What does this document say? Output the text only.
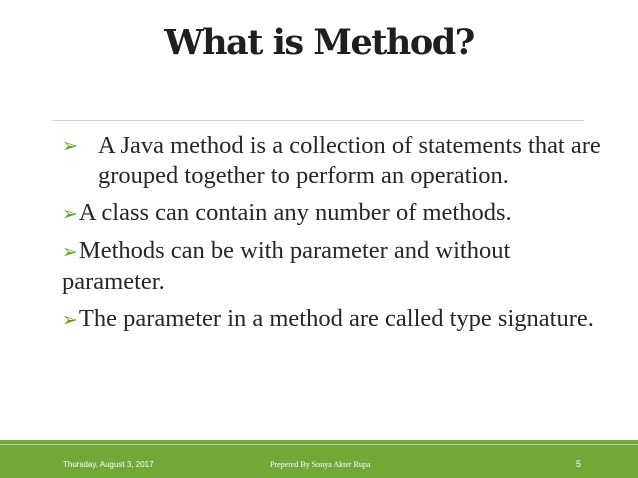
What is Method?
➢ A Java method is a collection of statements that are grouped together to perform an operation.
➢A class can contain any number of methods.
➢Methods can be with parameter and without parameter.
➢The parameter in a method are called type signature.
Thursday, August 3, 2017	Prepered By Sonya Akter Rupa	5
